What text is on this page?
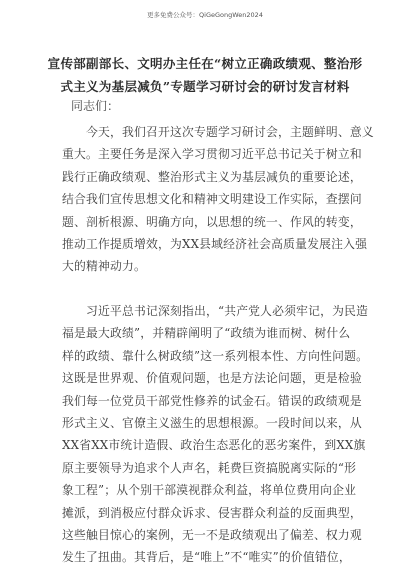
更多免费公众号：QiGeGongWen2024
宣传部副部长、文明办主任在“树立正确政绩观、整治形
式主义为基层减负”专题学习研讨会的研讨发言材料
同志们：
　　今天，我们召开这次专题学习研讨会，主题鲜明、意义
重大。主要任务是深入学习贯彻习近平总书记关于树立和
践行正确政绩观、整治形式主义为基层减负的重要论述，
结合我们宣传思想文化和精神文明建设工作实际，查摆问
题、剖析根源、明确方向，以思想的统一、作风的转变，
推动工作提质增效，为XX县域经济社会高质量发展注入强
大的精神动力。
　　习近平总书记深刻指出，“共产党人必须牢记，为民造
福是最大政绩”，并精辟阐明了“政绩为谁而树、树什么
样的政绩、靠什么树政绩”这一系列根本性、方向性问题。
这既是世界观、价值观问题，也是方法论问题，更是检验
我们每一位党员干部党性修养的试金石。错误的政绩观是
形式主义、官僚主义滋生的思想根源。一段时间以来，从
XX省XX市统计造假、政治生态恶化的恶劣案件，到XX旗
原主要领导为追求个人声名，耗费巨资搞脱离实际的“形
象工程”；从个别干部漠视群众利益，将单位费用向企业
摊派，到消极应付群众诉求、侵害群众利益的反面典型，
这些触目惊心的案例，无一不是政绩观出了偏差、权力观
发生了扭曲。其背后，是“唯上”不“唯实”的价值错位，
